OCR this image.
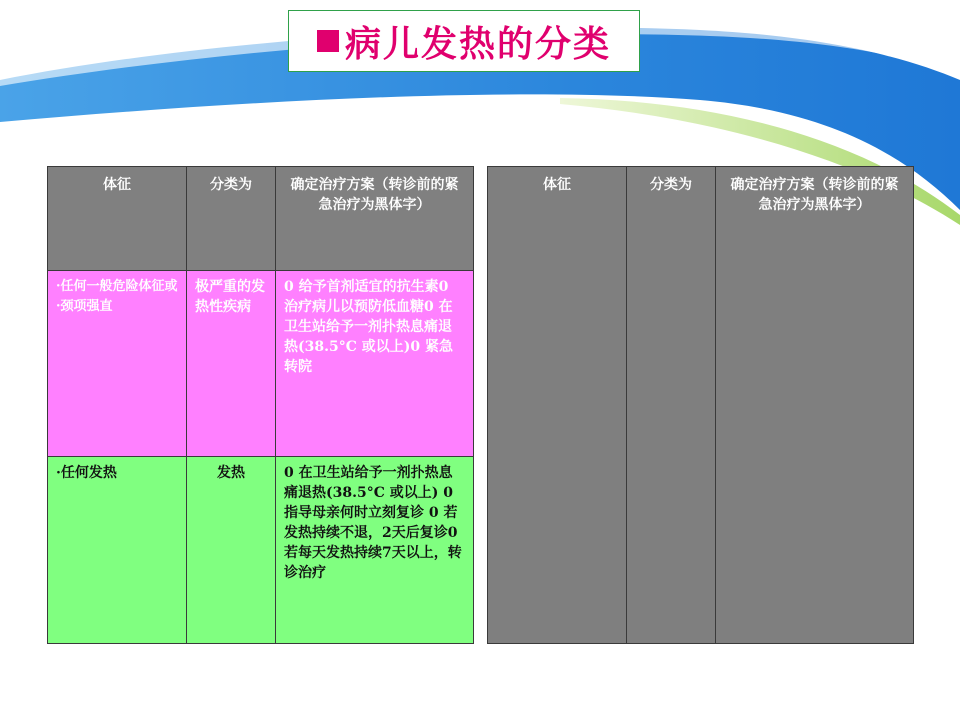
病儿发热的分类
体征	分类为	确定治疗方案（转诊前的紧急治疗为黑体字）
·任何一般危险体征或·颈项强直	极严重的发热性疾病	0 给予首剂适宜的抗生素0 治疗病儿以预防低血糖0 在卫生站给予一剂扑热息痛退热(38.5°C 或以上)0 紧急转院
·任何发热	发热	0 在卫生站给予一剂扑热息痛退热(38.5°C 或以上) 0 指导母亲何时立刻复诊 0 若发热持续不退，2天后复诊0 若每天发热持续7天以上，转诊治疗
体征	分类为	确定治疗方案（转诊前的紧急治疗为黑体字）
